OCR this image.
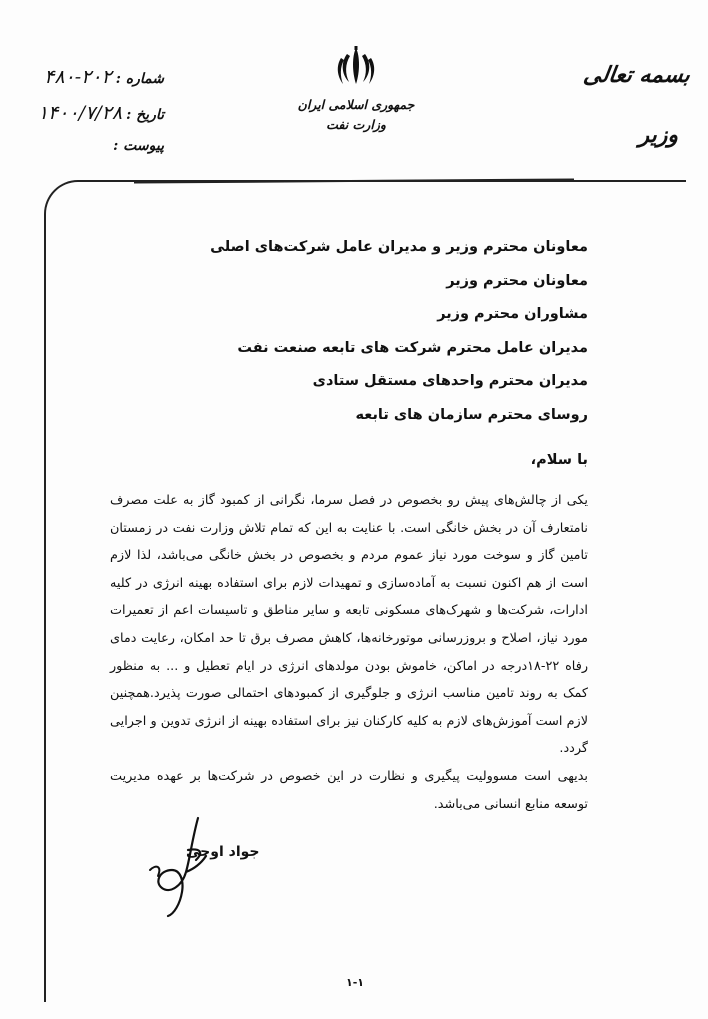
بسمه تعالی
وزیر
جمهوری اسلامی ایران
وزارت نفت
شماره :
۴۸۰-۲۰۲
تاریخ :
۱۴۰۰/۷/۲۸
پیوست :
معاونان محترم وزیر و مدیران عامل شرکت‌های اصلی
معاونان محترم وزیر
مشاوران محترم وزیر
مدیران عامل محترم شرکت های تابعه صنعت نفت
مدیران محترم واحدهای مستقل ستادی
روسای محترم سازمان های تابعه
با سلام،

یکی از چالش‌های پیش رو بخصوص در فصل سرما، نگرانی از کمبود گاز به علت مصرف نامتعارف آن در بخش خانگی است. با عنایت به این که تمام تلاش وزارت نفت در زمستان تامین گاز و سوخت مورد نیاز عموم مردم و بخصوص در بخش خانگی می‌باشد، لذا لازم است از هم اکنون نسبت به آماده‌سازی و تمهیدات لازم برای استفاده بهینه انرژی در کلیه ادارات، شرکت‌ها و شهرک‌های مسکونی تابعه و سایر مناطق و تاسیسات اعم از تعمیرات مورد نیاز، اصلاح و بروزرسانی موتورخانه‌ها، کاهش مصرف برق تا حد امکان، رعایت دمای رفاه ۲۲-۱۸درجه در اماکن، خاموش بودن مولدهای انرژی در ایام تعطیل و ... به منظور کمک به روند تامین مناسب انرژی و جلوگیری از کمبودهای احتمالی صورت پذیرد.همچنین لازم است آموزش‌های لازم به کلیه کارکنان نیز برای استفاده بهینه از انرژی تدوین و اجرایی گردد.

بدیهی است مسوولیت پیگیری و نظارت در این خصوص در شرکت‌ها بر عهده مدیریت توسعه منابع انسانی می‌باشد.

جواد اوجی
۱-۱
